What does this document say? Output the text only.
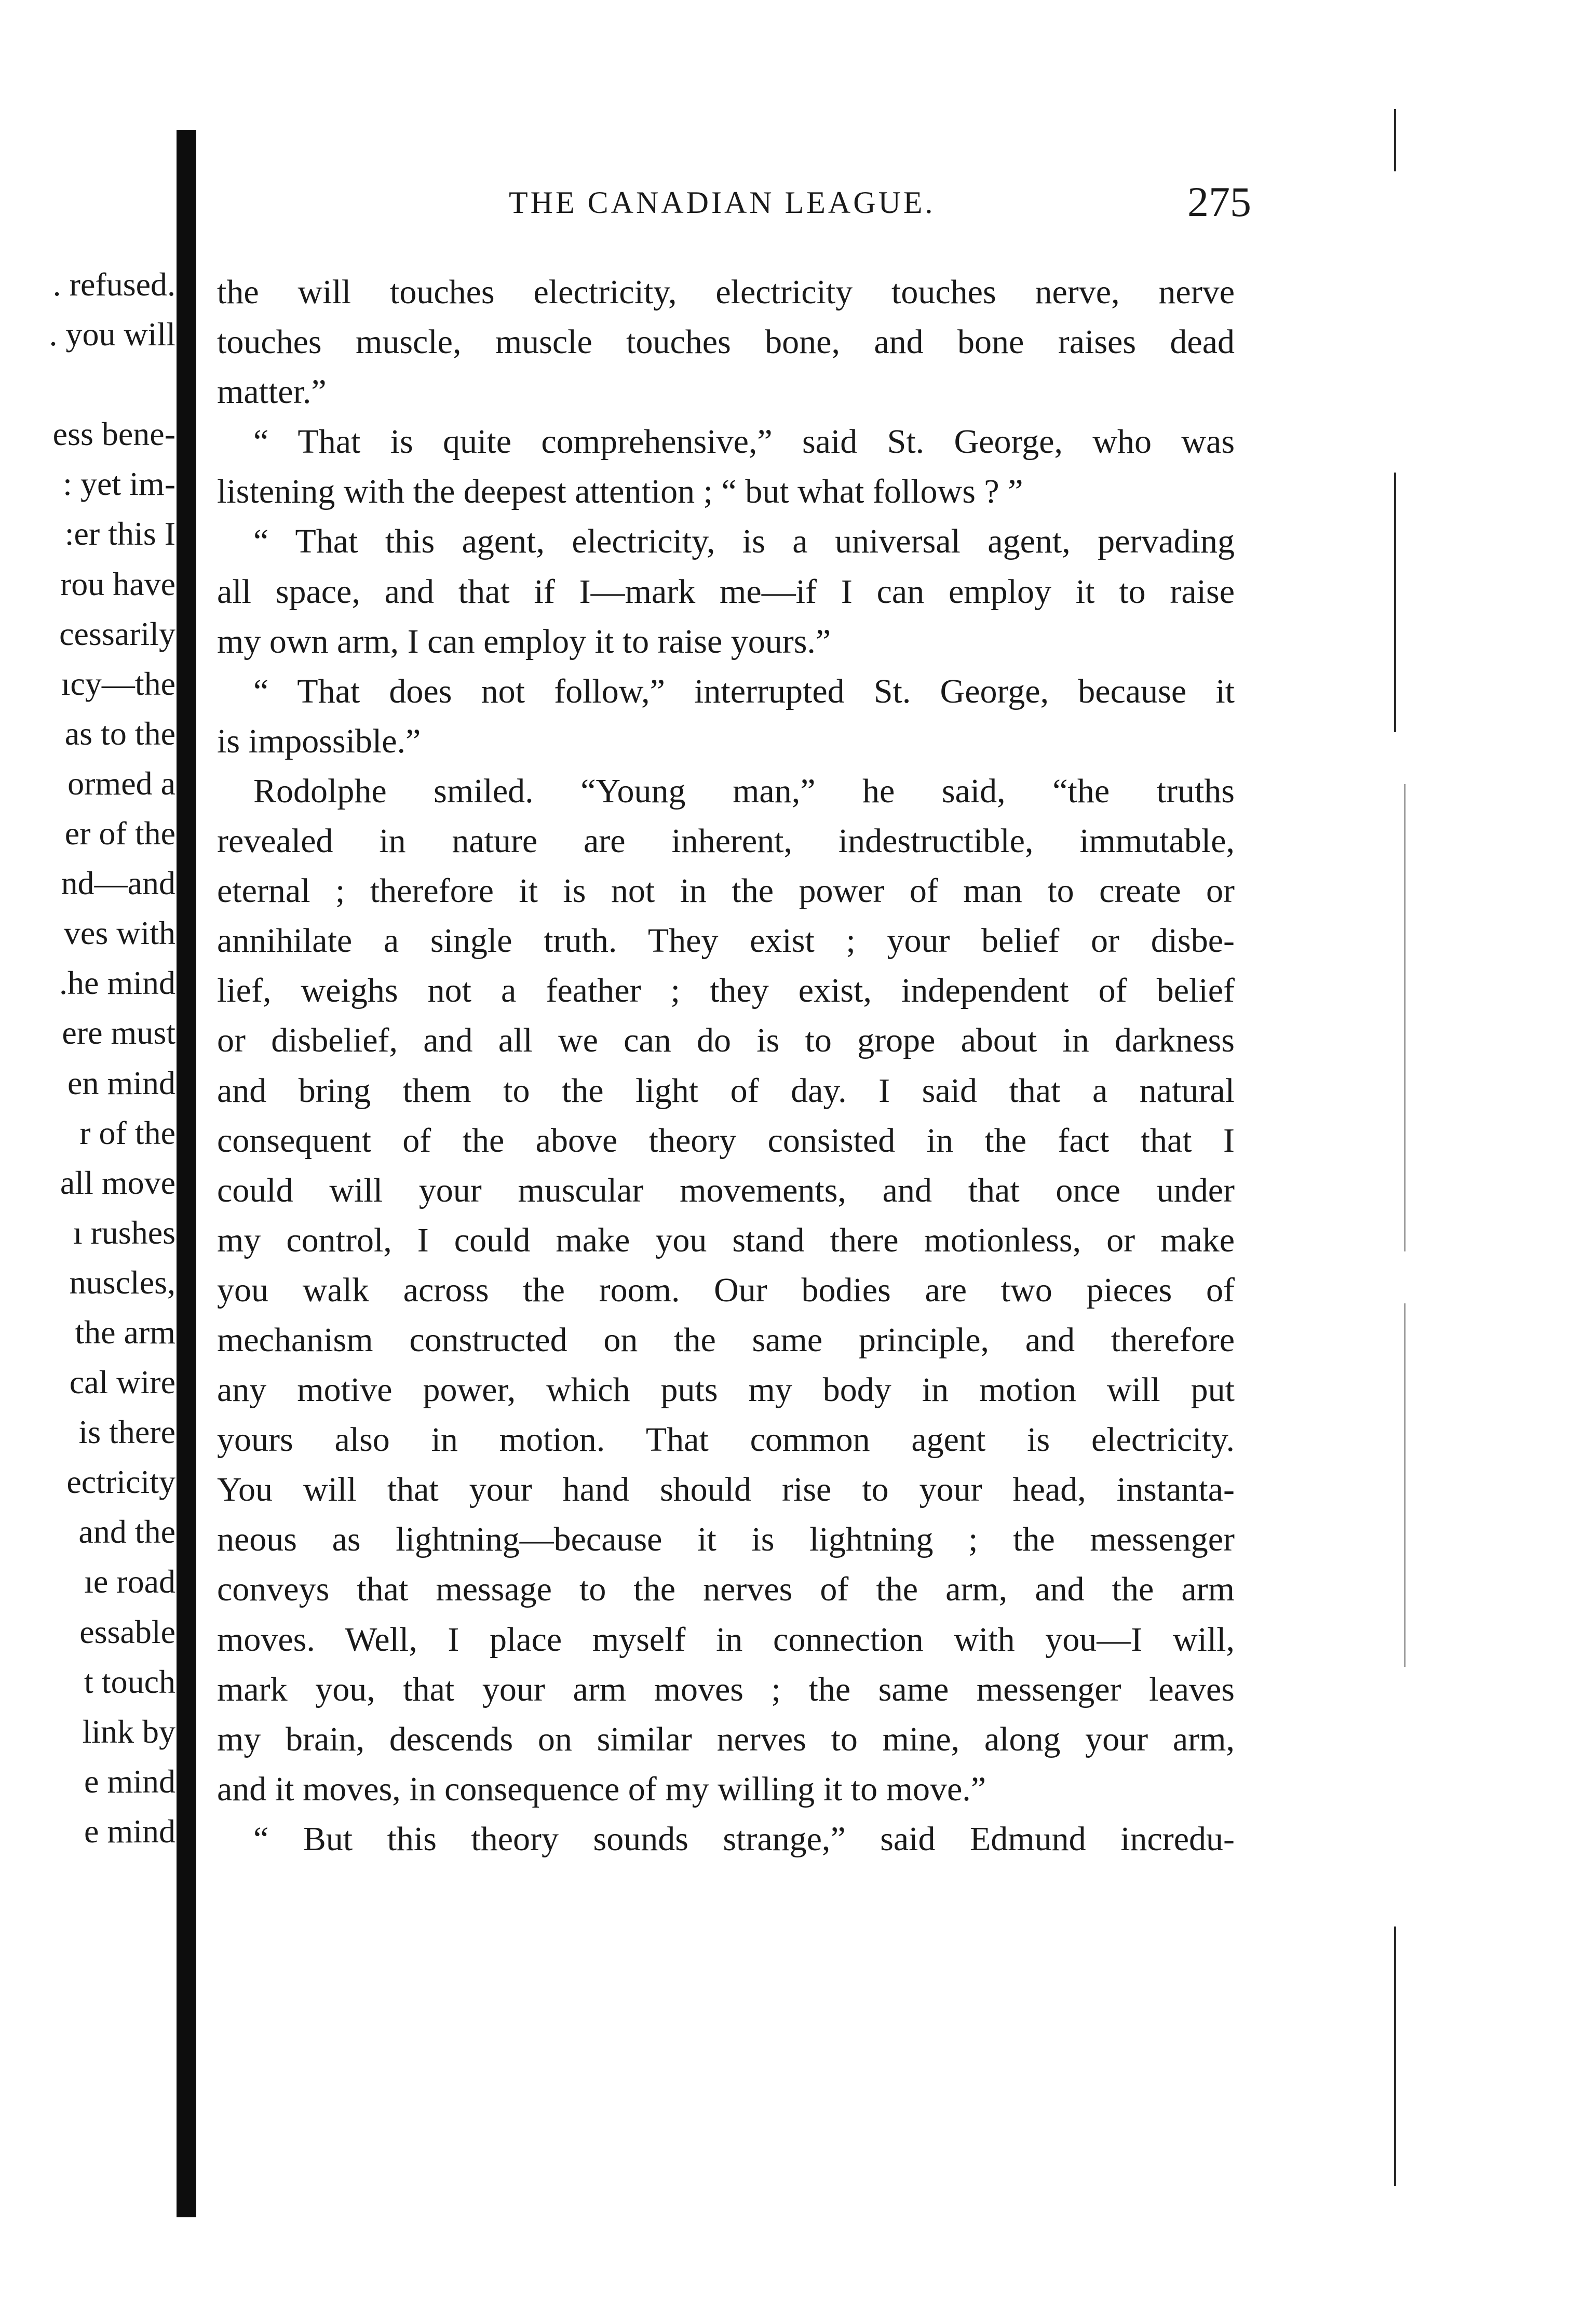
. refused.
. you will
ess bene-
: yet im-
:er this I
rou have
cessarily
ıcy—the
as to the
ormed a
er of the
nd—and
ves with
.he mind
ere must
en mind
r of the
all move
ı rushes
nuscles,
the arm
cal wire
is there
ectricity
and the
ıe road
essable
t touch
link by
e mind
e mind
THE CANADIAN LEAGUE.	275
the will touches electricity, electricity touches nerve, nerve
touches muscle, muscle touches bone, and bone raises dead
matter.”
“ That is quite comprehensive,” said St. George, who was
listening with the deepest attention ; “ but what follows ? ”
“ That this agent, electricity, is a universal agent, pervading
all space, and that if I—mark me—if I can employ it to raise
my own arm, I can employ it to raise yours.”
“ That does not follow,” interrupted St. George, because it
is impossible.”
Rodolphe smiled. “Young man,” he said, “the truths
revealed in nature are inherent, indestructible, immutable,
eternal ; therefore it is not in the power of man to create or
annihilate a single truth. They exist ; your belief or disbe-
lief, weighs not a feather ; they exist, independent of belief
or disbelief, and all we can do is to grope about in darkness
and bring them to the light of day. I said that a natural
consequent of the above theory consisted in the fact that I
could will your muscular movements, and that once under
my control, I could make you stand there motionless, or make
you walk across the room. Our bodies are two pieces of
mechanism constructed on the same principle, and therefore
any motive power, which puts my body in motion will put
yours also in motion. That common agent is electricity.
You will that your hand should rise to your head, instanta-
neous as lightning—because it is lightning ; the messenger
conveys that message to the nerves of the arm, and the arm
moves. Well, I place myself in connection with you—I will,
mark you, that your arm moves ; the same messenger leaves
my brain, descends on similar nerves to mine, along your arm,
and it moves, in consequence of my willing it to move.”
“ But this theory sounds strange,” said Edmund incredu-
